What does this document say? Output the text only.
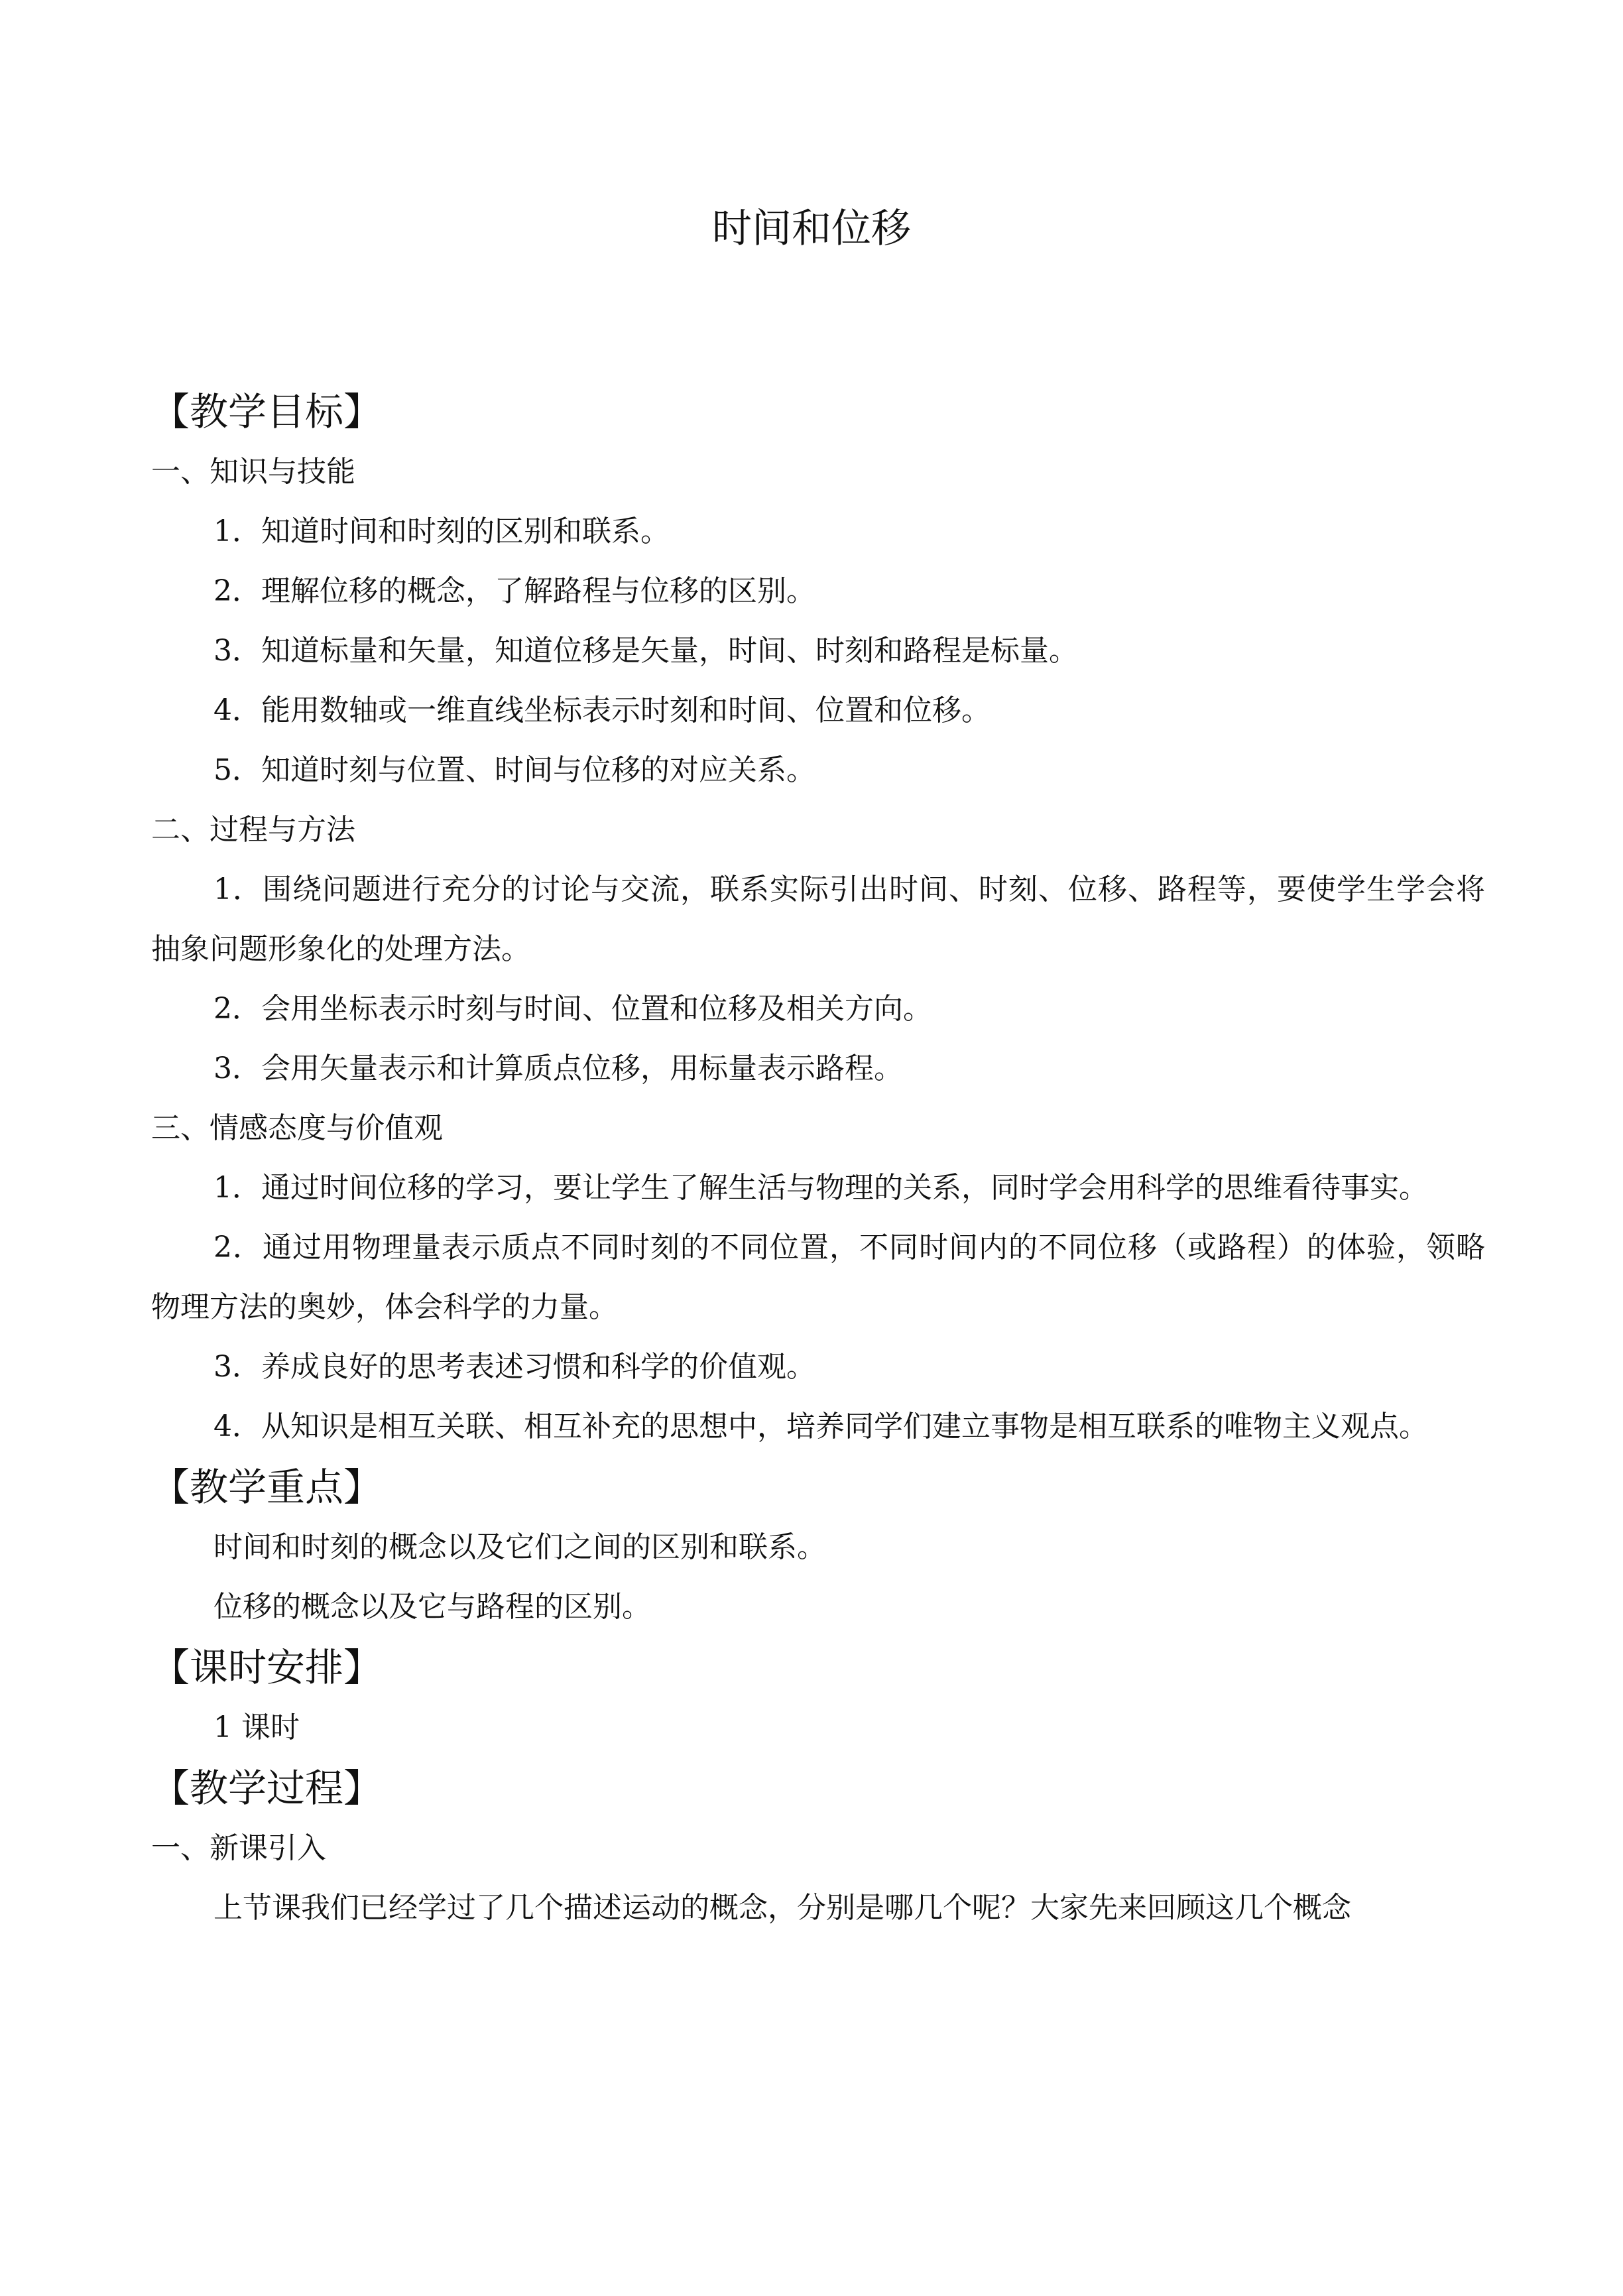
时间和位移
【教学目标】
一、知识与技能

1．知道时间和时刻的区别和联系。

2．理解位移的概念，了解路程与位移的区别。

3．知道标量和矢量，知道位移是矢量，时间、时刻和路程是标量。

4．能用数轴或一维直线坐标表示时刻和时间、位置和位移。

5．知道时刻与位置、时间与位移的对应关系。

二、过程与方法

1．围绕问题进行充分的讨论与交流，联系实际引出时间、时刻、位移、路程等，要使学生学会将抽象问题形象化的处理方法。

2．会用坐标表示时刻与时间、位置和位移及相关方向。

3．会用矢量表示和计算质点位移，用标量表示路程。

三、情感态度与价值观

1．通过时间位移的学习，要让学生了解生活与物理的关系，同时学会用科学的思维看待事实。

2．通过用物理量表示质点不同时刻的不同位置，不同时间内的不同位移（或路程）的体验，领略物理方法的奥妙，体会科学的力量。

3．养成良好的思考表述习惯和科学的价值观。

4．从知识是相互关联、相互补充的思想中，培养同学们建立事物是相互联系的唯物主义观点。

【教学重点】

时间和时刻的概念以及它们之间的区别和联系。

位移的概念以及它与路程的区别。

【课时安排】

1 课时

【教学过程】
一、新课引入

上节课我们已经学过了几个描述运动的概念，分别是哪几个呢？大家先来回顾这几个概念
